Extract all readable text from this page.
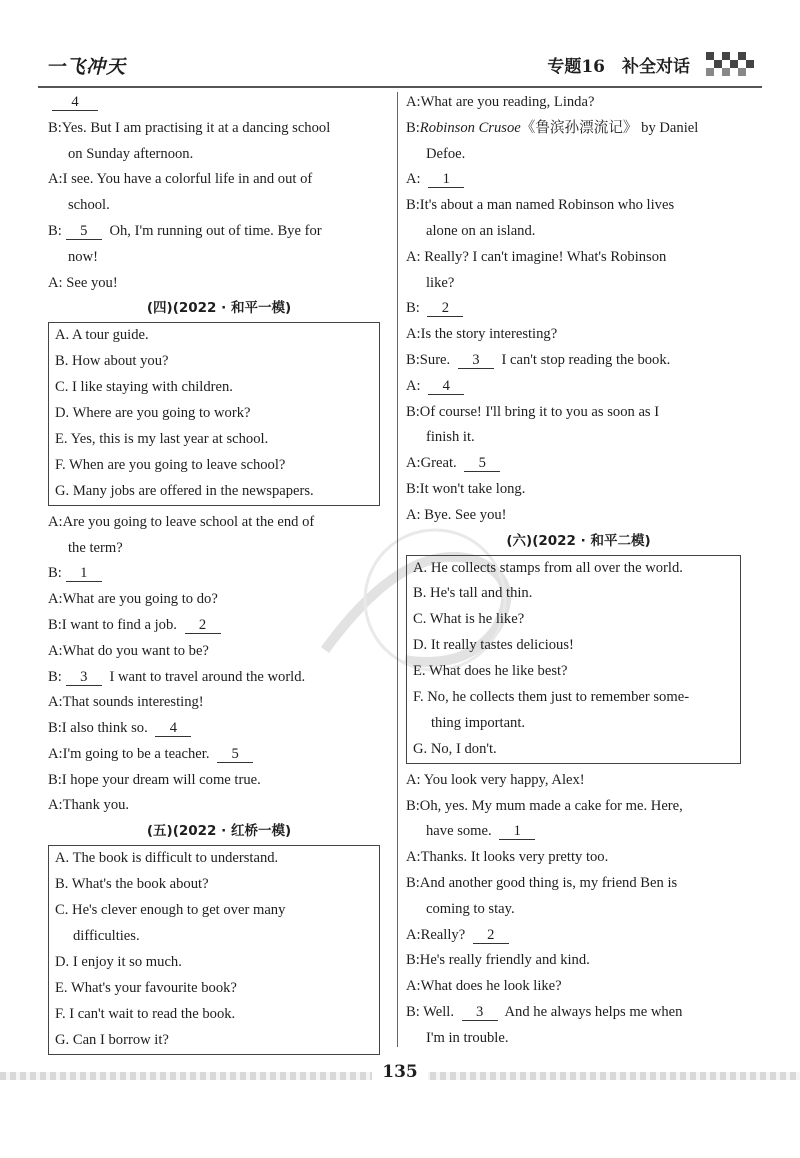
一飞冲天	专题16　补全对话
4
B:Yes. But I am practising it at a dancing school
on Sunday afternoon.
A:I see. You have a colorful life in and out of
school.
B: 5 Oh, I'm running out of time. Bye for
now!
A: See you!
(四)(2022 · 和平一模)
A. A tour guide.
B. How about you?
C. I like staying with children.
D. Where are you going to work?
E. Yes, this is my last year at school.
F. When are you going to leave school?
G. Many jobs are offered in the newspapers.
A:Are you going to leave school at the end of
the term?
B: 1
A:What are you going to do?
B:I want to find a job. 2
A:What do you want to be?
B: 3 I want to travel around the world.
A:That sounds interesting!
B:I also think so. 4
A:I'm going to be a teacher. 5
B:I hope your dream will come true.
A:Thank you.
(五)(2022 · 红桥一模)
A. The book is difficult to understand.
B. What's the book about?
C. He's clever enough to get over many
difficulties.
D. I enjoy it so much.
E. What's your favourite book?
F. I can't wait to read the book.
G. Can I borrow it?
A:What are you reading, Linda?
B:Robinson Crusoe《鲁滨孙漂流记》 by Daniel
Defoe.
A: 1
B:It's about a man named Robinson who lives
alone on an island.
A: Really? I can't imagine! What's Robinson
like?
B: 2
A:Is the story interesting?
B:Sure. 3 I can't stop reading the book.
A: 4
B:Of course! I'll bring it to you as soon as I
finish it.
A:Great. 5
B:It won't take long.
A: Bye. See you!
(六)(2022 · 和平二模)
A. He collects stamps from all over the world.
B. He's tall and thin.
C. What is he like?
D. It really tastes delicious!
E. What does he like best?
F. No, he collects them just to remember some-
thing important.
G. No, I don't.
A: You look very happy, Alex!
B:Oh, yes. My mum made a cake for me. Here,
have some. 1
A:Thanks. It looks very pretty too.
B:And another good thing is, my friend Ben is
coming to stay.
A:Really? 2
B:He's really friendly and kind.
A:What does he look like?
B: Well. 3 And he always helps me when
I'm in trouble.
135
